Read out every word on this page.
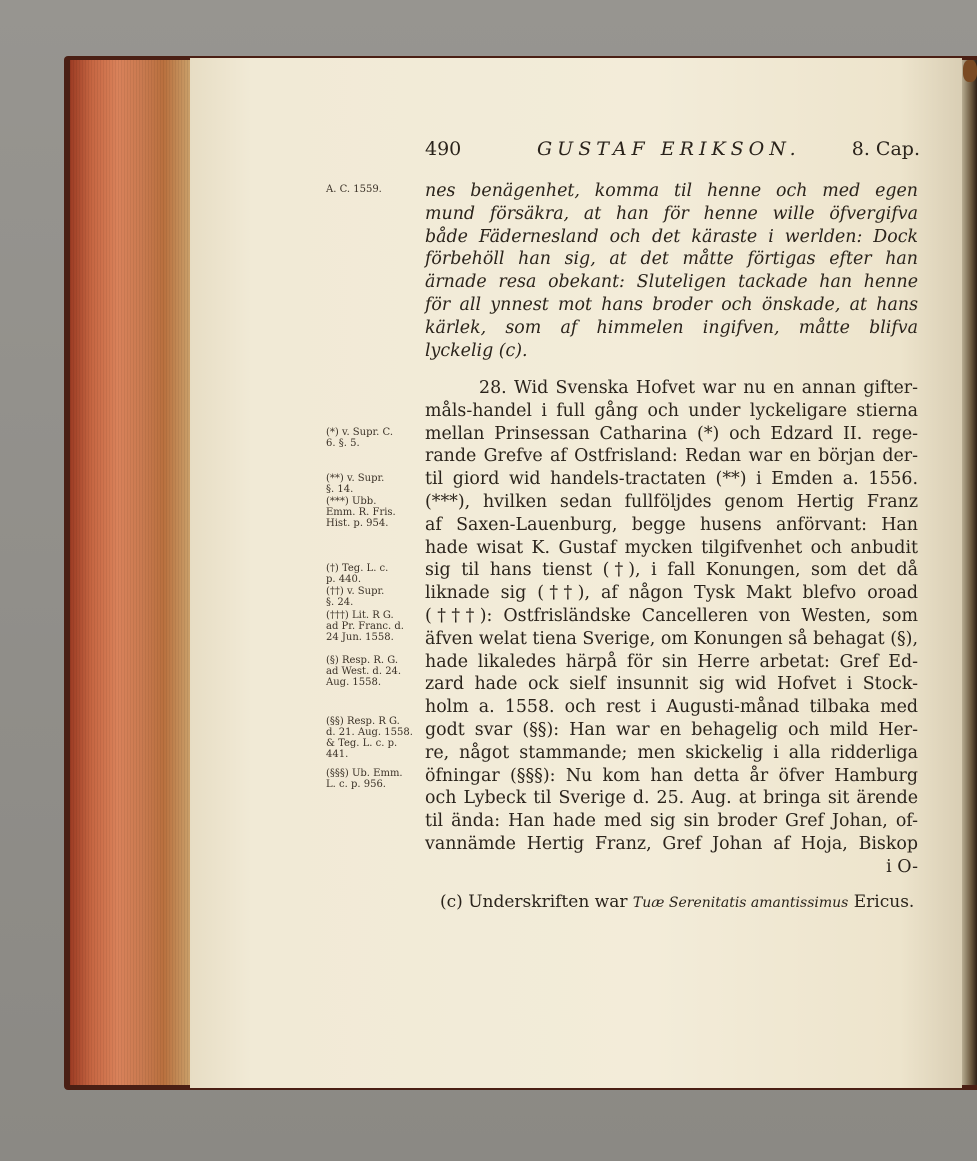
490	GUSTAF ERIKSON.	8. Cap.
A. C. 1559.
(*) v. Supr. C.
6. §. 5.
(**) v. Supr.
§. 14.
(***) Ubb.
Emm. R. Fris.
Hist. p. 954.
(†) Teg. L. c.
p. 440.
(††) v. Supr.
§. 24.
(†††) Lit. R G.
ad Pr. Franc. d.
24 Jun. 1558.
(§) Resp. R. G.
ad West. d. 24.
Aug. 1558.
(§§) Resp. R G.
d. 21. Aug. 1558.
& Teg. L. c. p.
441.
(§§§) Ub. Emm.
L. c. p. 956.

nes benägenhet, komma til henne och med egen

mund försäkra, at han för henne wille öfvergifva

både Fädernesland och det käraste i werlden: Dock

förbehöll han sig, at det måtte förtigas efter han

ärnade resa obekant: Sluteligen tackade han henne

för all ynnest mot hans broder och önskade, at hans

kärlek, som af himmelen ingifven, måtte blifva

lyckelig (c).

28. Wid Svenska Hofvet war nu en annan gifter-

måls-handel i full gång och under lyckeligare stierna

mellan Prinsessan Catharina (*) och Edzard II. rege-

rande Grefve af Ostfrisland: Redan war en början der-

til giord wid handels-tractaten (**) i Emden a. 1556.

(***), hvilken sedan fullföljdes genom Hertig Franz

af Saxen-Lauenburg, begge husens anförvant: Han

hade wisat K. Gustaf mycken tilgifvenhet och anbudit

sig til hans tienst (†), i fall Konungen, som det då

liknade sig (††), af någon Tysk Makt blefvo oroad

(†††): Ostfrisländske Cancelleren von Westen, som

äfven welat tiena Sverige, om Konungen så behagat (§),

hade likaledes härpå för sin Herre arbetat: Gref Ed-

zard hade ock sielf insunnit sig wid Hofvet i Stock-

holm a. 1558. och rest i Augusti-månad tilbaka med

godt svar (§§): Han war en behagelig och mild Her-

re, något stammande; men skickelig i alla ridderliga

öfningar (§§§): Nu kom han detta år öfver Hamburg

och Lybeck til Sverige d. 25. Aug. at bringa sit ärende

til ända: Han hade med sig sin broder Gref Johan, of-

vannämde Hertig Franz, Gref Johan af Hoja, Biskop

i O-

(c) Underskriften war Tuæ Serenitatis amantissimus Ericus.
